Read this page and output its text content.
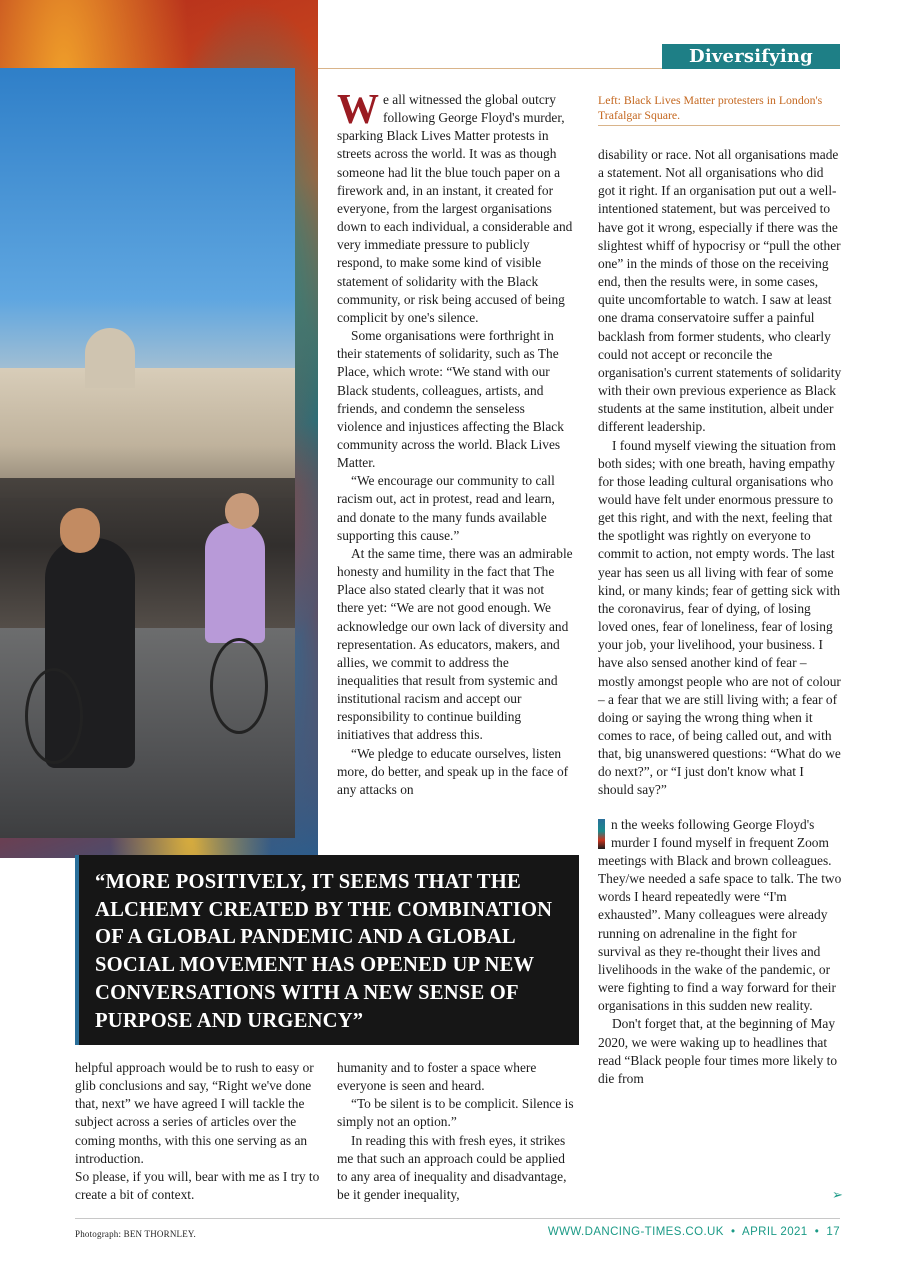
Diversifying dance
Left: Black Lives Matter protesters in London's Trafalgar Square.

We all witnessed the global outcry following George Floyd's murder, sparking Black Lives Matter protests in streets across the world. It was as though someone had lit the blue touch paper on a firework and, in an instant, it created for everyone, from the largest organisations down to each individual, a considerable and very immediate pressure to publicly respond, to make some kind of visible statement of solidarity with the Black community, or risk being accused of being complicit by one's silence.

Some organisations were forthright in their statements of solidarity, such as The Place, which wrote: “We stand with our Black students, colleagues, artists, and friends, and condemn the senseless violence and injustices affecting the Black community across the world. Black Lives Matter.

“We encourage our community to call racism out, act in protest, read and learn, and donate to the many funds available supporting this cause.”

At the same time, there was an admirable honesty and humility in the fact that The Place also stated clearly that it was not there yet: “We are not good enough. We acknowledge our own lack of diversity and representation. As educators, makers, and allies, we commit to address the inequalities that result from systemic and institutional racism and accept our responsibility to continue building initiatives that address this.

“We pledge to educate ourselves, listen more, do better, and speak up in the face of any attacks on

disability or race. Not all organisations made a statement. Not all organisations who did got it right. If an organisation put out a well-intentioned statement, but was perceived to have got it wrong, especially if there was the slightest whiff of hypocrisy or “pull the other one” in the minds of those on the receiving end, then the results were, in some cases, quite uncomfortable to watch. I saw at least one drama conservatoire suffer a painful backlash from former students, who clearly could not accept or reconcile the organisation's current statements of solidarity with their own previous experience as Black students at the same institution, albeit under different leadership.

I found myself viewing the situation from both sides; with one breath, having empathy for those leading cultural organisations who would have felt under enormous pressure to get this right, and with the next, feeling that the spotlight was rightly on everyone to commit to action, not empty words. The last year has seen us all living with fear of some kind, or many kinds; fear of getting sick with the coronavirus, fear of dying, of losing loved ones, fear of loneliness, fear of losing your job, your livelihood, your business. I have also sensed another kind of fear – mostly amongst people who are not of colour – a fear that we are still living with; a fear of doing or saying the wrong thing when it comes to race, of being called out, and with that, big unanswered questions: “What do we do next?”, or “I just don't know what I should say?”

n the weeks following George Floyd's murder I found myself in frequent Zoom meetings with Black and brown colleagues. They/we needed a safe space to talk. The two words I heard repeatedly were “I'm exhausted”. Many colleagues were already running on adrenaline in the fight for survival as they re-thought their lives and livelihoods in the wake of the pandemic, or were fighting to find a way forward for their organisations in this sudden new reality.

Don't forget that, at the beginning of May 2020, we were waking up to headlines that read “Black people four times more likely to die from

“MORE POSITIVELY, IT SEEMS THAT THE ALCHEMY CREATED BY THE COMBINATION OF A GLOBAL PANDEMIC AND A GLOBAL SOCIAL MOVEMENT HAS OPENED UP NEW CONVERSATIONS WITH A NEW SENSE OF PURPOSE AND URGENCY”

helpful approach would be to rush to easy or glib conclusions and say, “Right we've done that, next” we have agreed I will tackle the subject across a series of articles over the coming months, with this one serving as an introduction.

So please, if you will, bear with me as I try to create a bit of context.

humanity and to foster a space where everyone is seen and heard.

“To be silent is to be complicit. Silence is simply not an option.”

In reading this with fresh eyes, it strikes me that such an approach could be applied to any area of inequality and disadvantage, be it gender inequality,	➢
Photograph: BEN THORNLEY.	WWW.DANCING-TIMES.CO.UK  •  APRIL 2021  •  17
